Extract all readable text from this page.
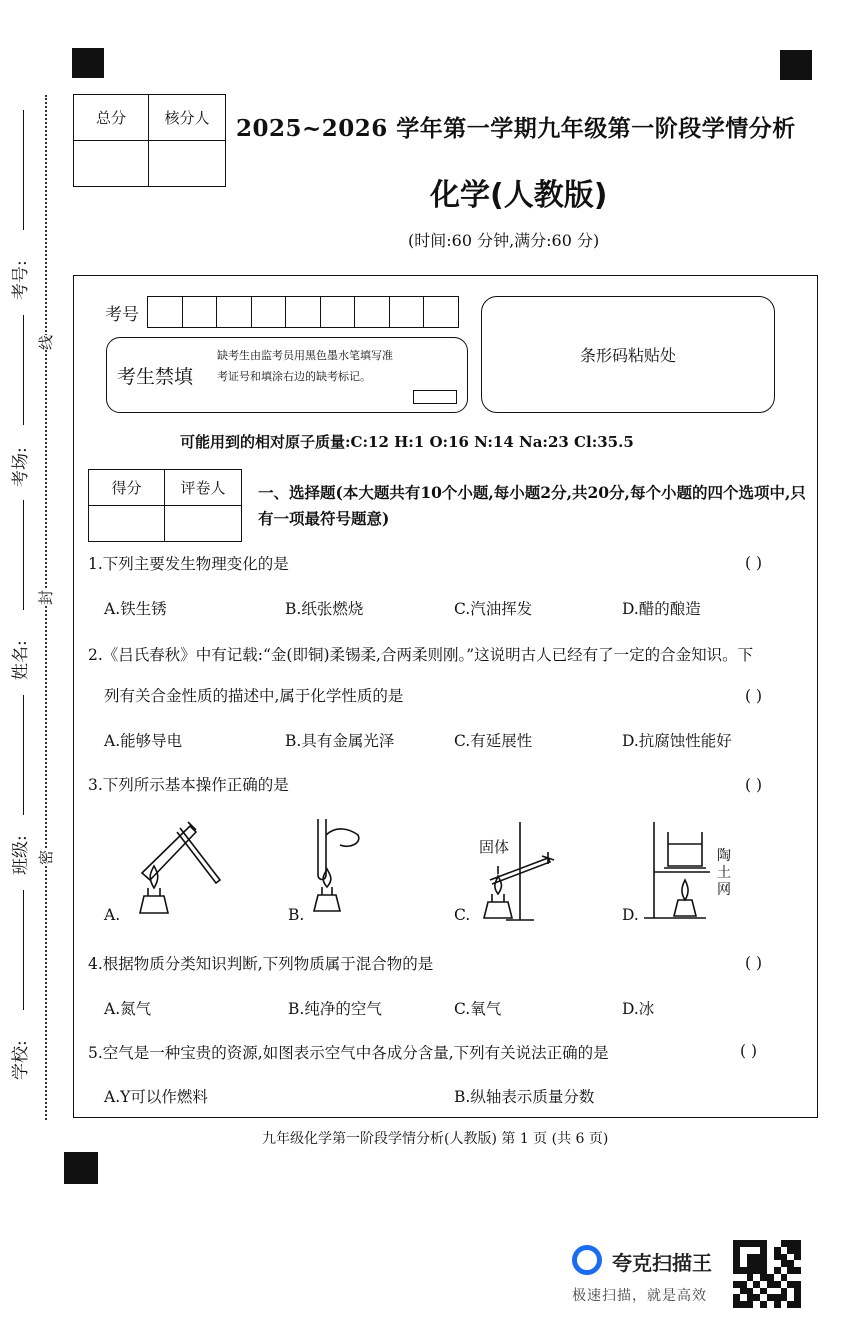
考号:
考场:
姓名:
班级:
学校:
线
封
密
总分	核分人
	2025~2026 学年第一学期九年级第一阶段学情分析
化学(人教版)
(时间:60 分钟,满分:60 分)
考号
考生禁填
缺考生由监考员用黑色墨水笔填写准考证号和填涂右边的缺考标记。
条形码粘贴处
可能用到的相对原子质量:C:12 H:1 O:16 N:14 Na:23 Cl:35.5
得分	评卷人
	一、选择题(本大题共有10个小题,每小题2分,共20分,每个小题的四个选项中,只有一项最符号题意)
1.下列主要发生物理变化的是	( )
A.铁生锈	B.纸张燃烧	C.汽油挥发	D.醋的酿造
2.《吕氏春秋》中有记载:“金(即铜)柔锡柔,合两柔则刚。”这说明古人已经有了一定的合金知识。下
列有关合金性质的描述中,属于化学性质的是	( )
A.能够导电	B.具有金属光泽	C.有延展性	D.抗腐蚀性能好
3.下列所示基本操作正确的是	( )
A.	B.
固体
C.
陶土网
D.
4.根据物质分类知识判断,下列物质属于混合物的是	( )
A.氮气	B.纯净的空气	C.氧气	D.冰
5.空气是一种宝贵的资源,如图表示空气中各成分含量,下列有关说法正确的是	( )
A.Y可以作燃料	B.纵轴表示质量分数
九年级化学第一阶段学情分析(人教版) 第 1 页 (共 6 页)
夸克扫描王
极速扫描，就是高效
